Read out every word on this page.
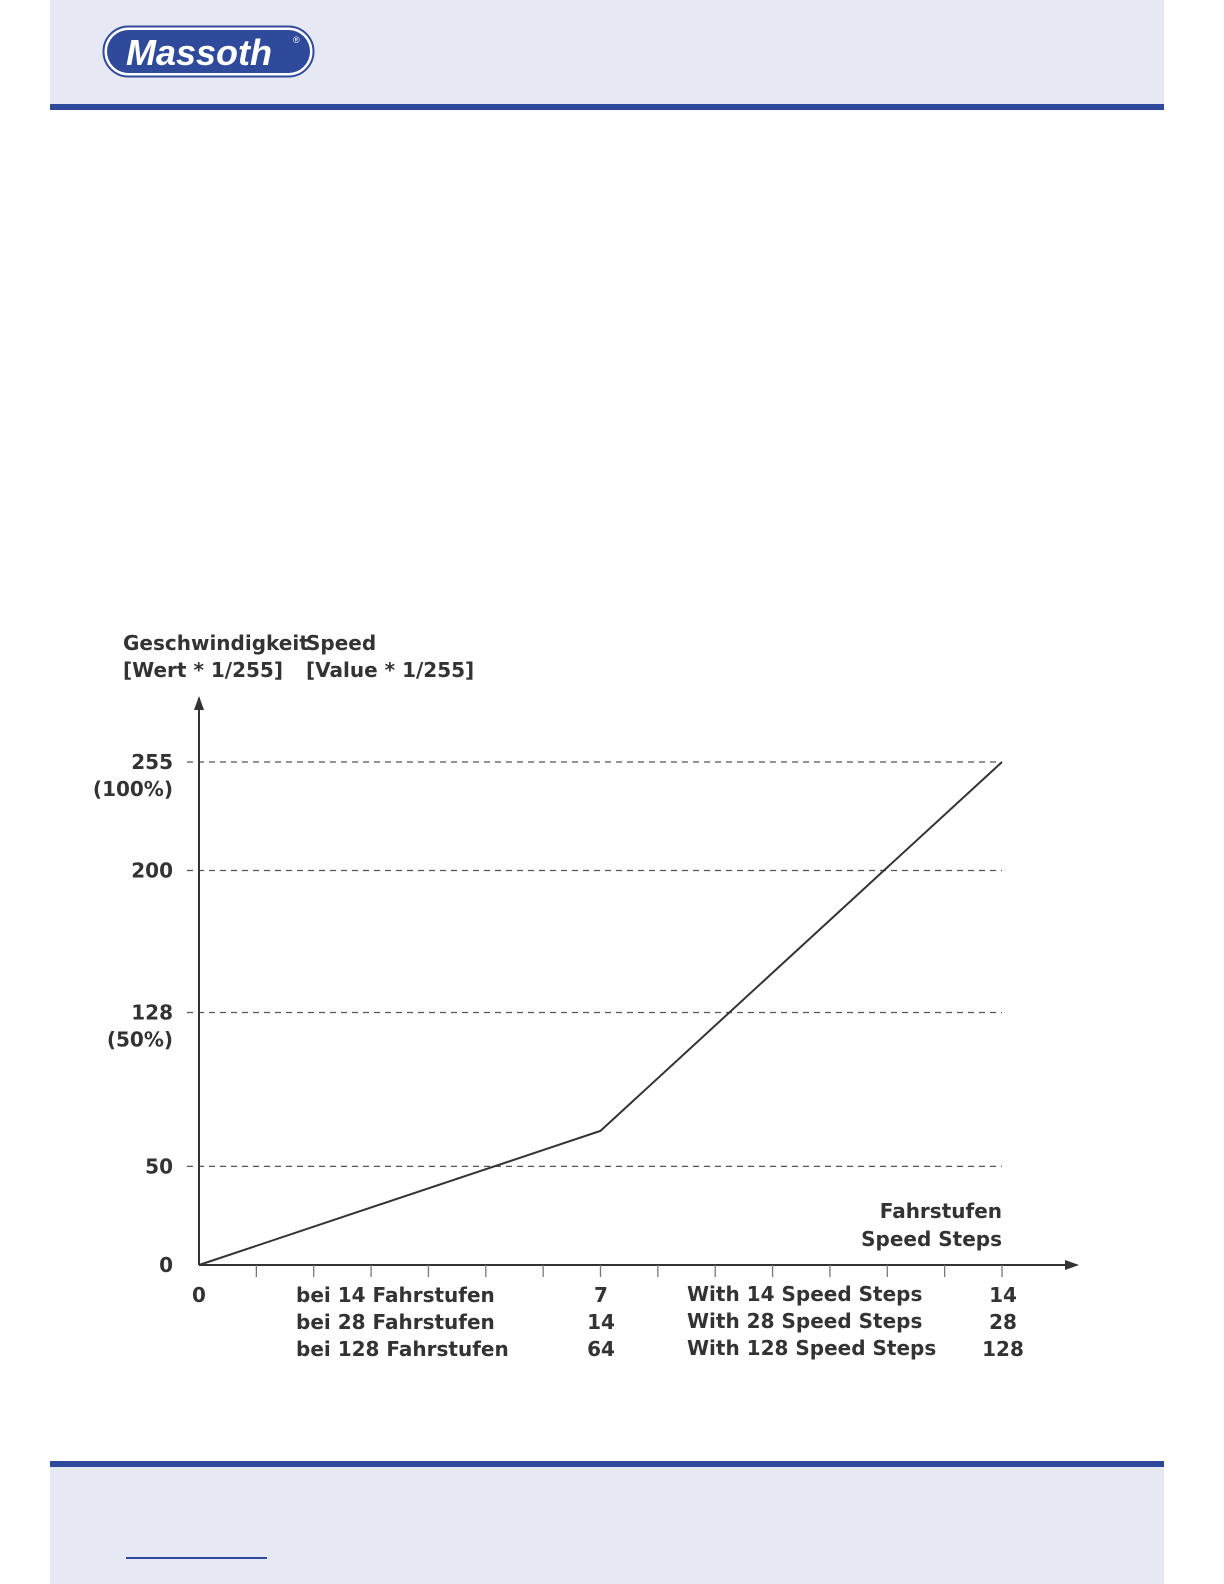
Massoth ®
Geschwindigkeit
[Wert * 1/255]
Speed
[Value * 1/255]
0
50
128
(50%)
200
255
(100%)
Fahrstufen
Speed Steps
0	bei 14 Fahrstufen	7	With 14 Speed Steps	14
bei 28 Fahrstufen	14	With 28 Speed Steps	28
bei 128 Fahrstufen	64	With 128 Speed Steps 128
